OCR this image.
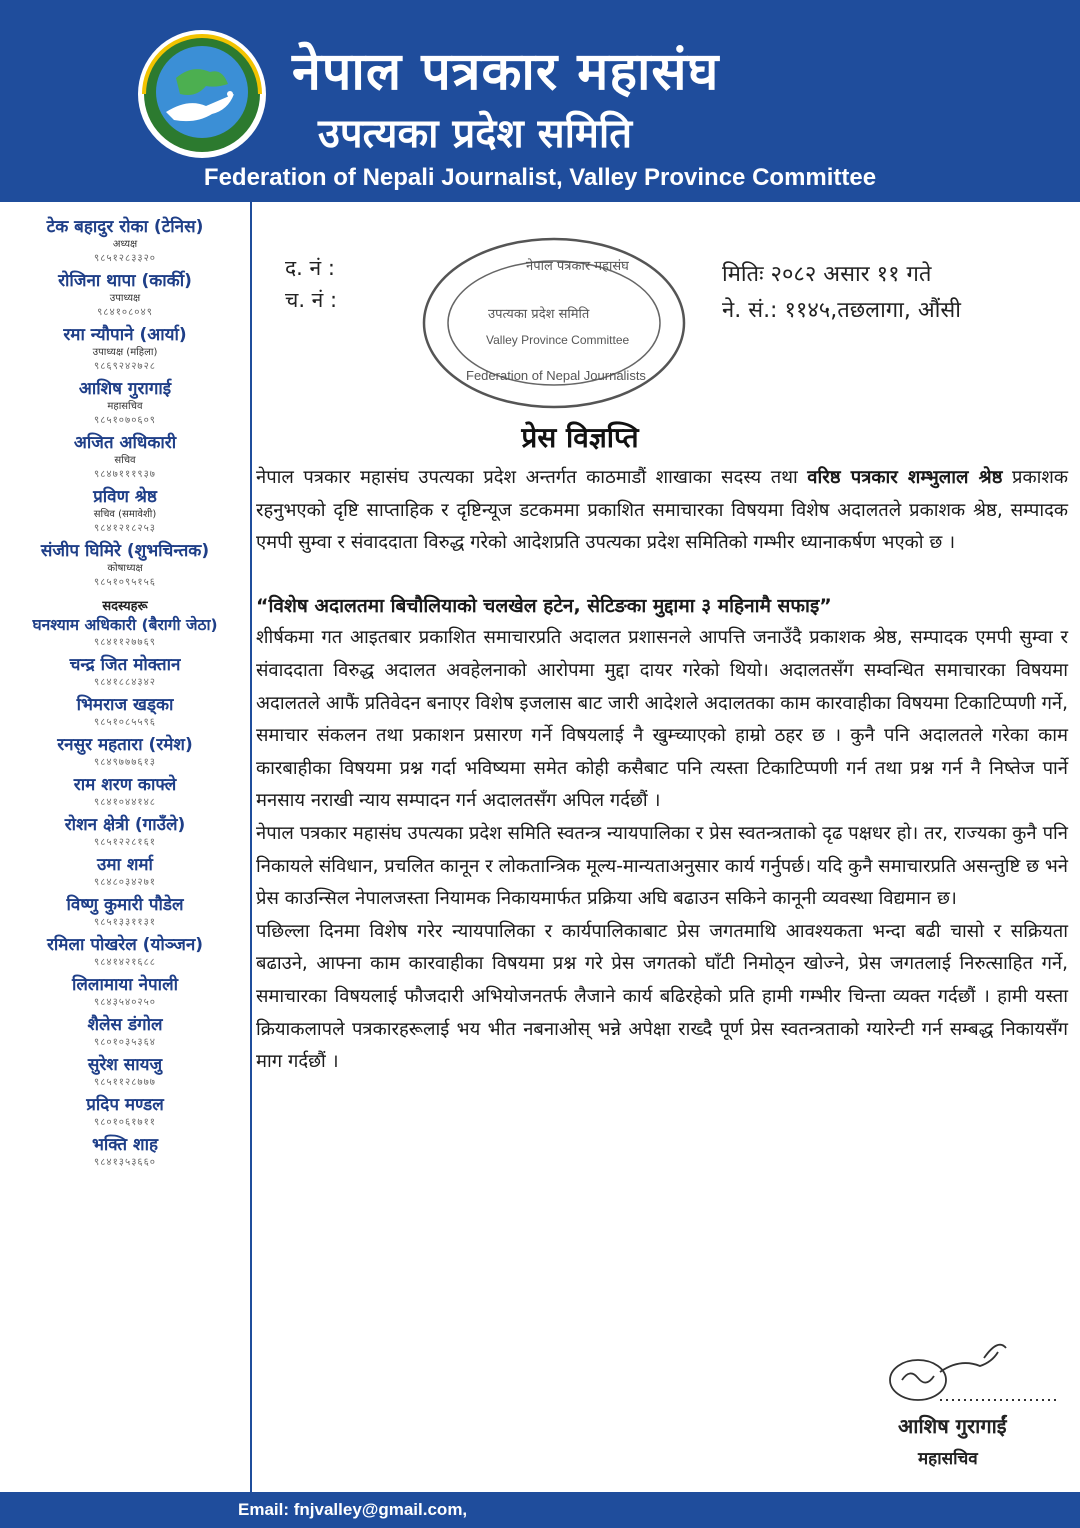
नेपाल पत्रकार महासंघ
उपत्यका प्रदेश समिति
Federation of Nepali Journalist, Valley Province Committee
टेक बहादुर रोका (टेनिस)
अध्यक्ष
९८५१२८३३२०
रोजिना थापा (कार्की)
उपाध्यक्ष
९८४१०८०४९
रमा न्यौपाने (आर्या)
उपाध्यक्ष (महिला)
९८६९२४२७२८
आशिष गुरागाई
महासचिव
९८५१०७०६०९
अजित अधिकारी
सचिव
९८४७१११९३७
प्रविण श्रेष्ठ
सचिव (समावेशी)
९८४१२१८२५३
संजीप घिमिरे (शुभचिन्तक)
कोषाध्यक्ष
९८५१०९५१५६
सदस्यहरू
घनश्याम अधिकारी (बैरागी जेठा)
९८४११२७७६९
चन्द्र जित मोक्तान
९८४१८८४३४२
भिमराज खड्का
९८५१०८५५९६
रनसुर महतारा (रमेश)
९८४९७७७६१३
राम शरण काफ्ले
९८४१०४४१४८
रोशन क्षेत्री (गाउँले)
९८५१२२८१६१
उमा शर्मा
९८४८०३४२७१
विष्णु कुमारी पौडेल
९८५१३३११३१
रमिला पोखरेल (योञ्जन)
९८४१४२१६८८
लिलामाया नेपाली
९८४३५४०२५०
शैलेस डंगोल
९८०१०३५३६४
सुरेश सायजु
९८५११२८७७७
प्रदिप मण्डल
९८०१०६१७११
भक्ति शाह
९८४१३५३६६०
द. नं :
च. नं :
मितिः २०८२ असार ११ गते
ने. सं.: ११४५,तछलागा, औंसी
नेपाल पत्रकार महासंघ
उपत्यका प्रदेश समिति
Valley Province Committee
Federation of Nepal Journalists
प्रेस विज्ञप्ति

नेपाल पत्रकार महासंघ उपत्यका प्रदेश अन्तर्गत काठमाडौं शाखाका सदस्य तथा वरिष्ठ पत्रकार शम्भुलाल श्रेष्ठ प्रकाशक रहनुभएको दृष्टि साप्ताहिक र दृष्टिन्यूज डटकममा प्रकाशित समाचारका विषयमा विशेष अदालतले प्रकाशक श्रेष्ठ, सम्पादक एमपी सुम्वा र संवाददाता विरुद्ध गरेको आदेशप्रति उपत्यका प्रदेश समितिको गम्भीर ध्यानाकर्षण भएको छ ।

“विशेष अदालतमा बिचौलियाको चलखेल हटेन, सेटिङका मुद्दामा ३ महिनामै सफाइ”

शीर्षकमा गत आइतबार प्रकाशित समाचारप्रति अदालत प्रशासनले आपत्ति जनाउँदै प्रकाशक श्रेष्ठ, सम्पादक एमपी सुम्वा र संवाददाता विरुद्ध अदालत अवहेलनाको आरोपमा मुद्दा दायर गरेको थियो। अदालतसँग सम्वन्धित समाचारका विषयमा अदालतले आफैं प्रतिवेदन बनाएर विशेष इजलास बाट जारी आदेशले अदालतका काम कारवाहीका विषयमा टिकाटिप्पणी गर्ने, समाचार संकलन तथा प्रकाशन प्रसारण गर्ने विषयलाई नै खुम्च्याएको हाम्रो ठहर छ । कुनै पनि अदालतले गरेका काम कारबाहीका विषयमा प्रश्न गर्दा भविष्यमा समेत कोही कसैबाट पनि त्यस्ता टिकाटिप्पणी गर्न तथा प्रश्न गर्न नै निष्तेज पार्ने मनसाय नराखी न्याय सम्पादन गर्न अदालतसँग अपिल गर्दछौं ।

नेपाल पत्रकार महासंघ उपत्यका प्रदेश समिति स्वतन्त्र न्यायपालिका र प्रेस स्वतन्त्रताको दृढ पक्षधर हो। तर, राज्यका कुनै पनि निकायले संविधान, प्रचलित कानून र लोकतान्त्रिक मूल्य-मान्यताअनुसार कार्य गर्नुपर्छ। यदि कुनै समाचारप्रति असन्तुष्टि छ भने प्रेस काउन्सिल नेपालजस्ता नियामक निकायमार्फत प्रक्रिया अघि बढाउन सकिने कानूनी व्यवस्था विद्यमान छ।

पछिल्ला दिनमा विशेष गरेर न्यायपालिका र कार्यपालिकाबाट प्रेस जगतमाथि आवश्यकता भन्दा बढी चासो र सक्रियता बढाउने, आफ्ना काम कारवाहीका विषयमा प्रश्न गरे प्रेस जगतको घाँटी निमोठ्न खोज्ने, प्रेस जगतलाई निरुत्साहित गर्ने, समाचारका विषयलाई फौजदारी अभियोजनतर्फ लैजाने कार्य बढिरहेको प्रति हामी गम्भीर चिन्ता व्यक्त गर्दछौं । हामी यस्ता क्रियाकलापले पत्रकारहरूलाई भय भीत नबनाओस् भन्ने अपेक्षा राख्दै पूर्ण प्रेस स्वतन्त्रताको ग्यारेन्टी गर्न सम्बद्ध निकायसँग माग गर्दछौं ।

आशिष गुरागाईं
महासचिव
Email: fnjvalley@gmail.com,
